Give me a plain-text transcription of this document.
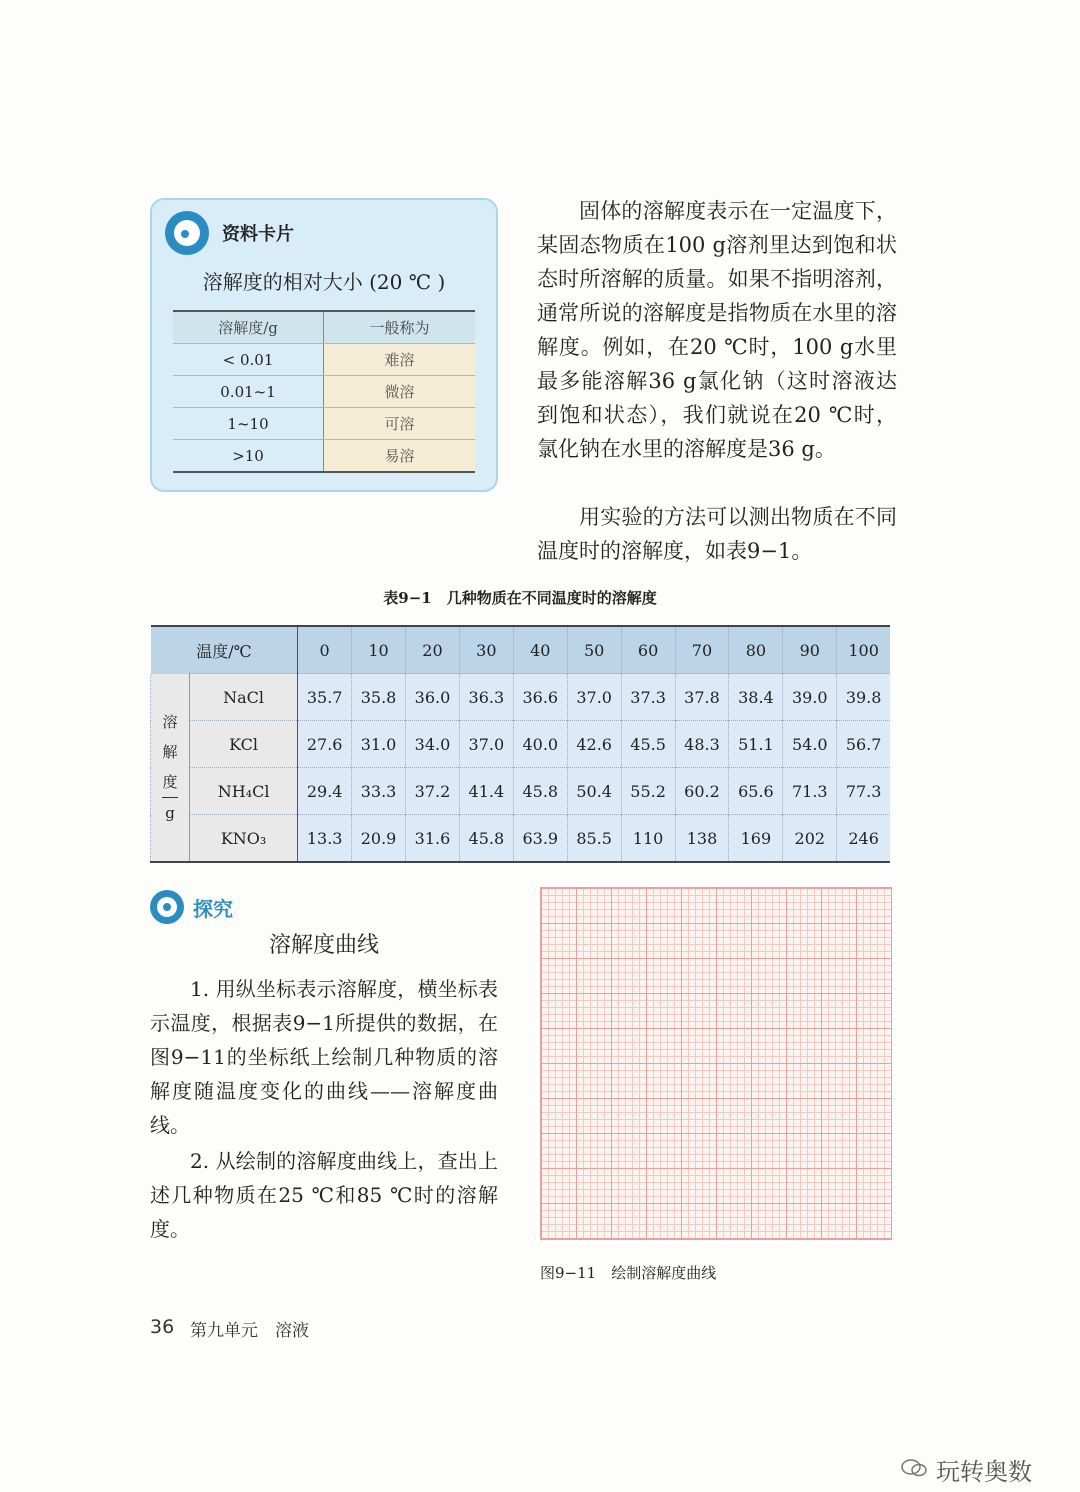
资料卡片
溶解度的相对大小 (20 ℃ )
溶解度/g	一般称为
< 0.01	难溶
0.01~1	微溶
1~10	可溶
>10	易溶

固体的溶解度表示在一定温度下，某固态物质在100 g溶剂里达到饱和状态时所溶解的质量。如果不指明溶剂，通常所说的溶解度是指物质在水里的溶解度。例如，在20 ℃时，100 g水里最多能溶解36 g氯化钠（这时溶液达到饱和状态），我们就说在20 ℃时，氯化钠在水里的溶解度是36 g。

用实验的方法可以测出物质在不同温度时的溶解度，如表9−1。

表9−1　几种物质在不同温度时的溶解度
温度/℃		0	10	20	30	40	50	60	70	80	90	100
溶
解
度
g	NaCl	35.7	35.8	36.0	36.3	36.6	37.0	37.3	37.8	38.4	39.0	39.8
	KCl	27.6	31.0	34.0	37.0	40.0	42.6	45.5	48.3	51.1	54.0	56.7
	NH₄Cl	29.4	33.3	37.2	41.4	45.8	50.4	55.2	60.2	65.6	71.3	77.3
	KNO₃	13.3	20.9	31.6	45.8	63.9	85.5	110	138	169	202	246
探究
溶解度曲线

1. 用纵坐标表示溶解度，横坐标表示温度，根据表9−1所提供的数据，在图9−11的坐标纸上绘制几种物质的溶解度随温度变化的曲线——溶解度曲线。

2. 从绘制的溶解度曲线上，查出上述几种物质在25 ℃和85 ℃时的溶解度。

图9−11　绘制溶解度曲线
36 第九单元　溶液
玩转奥数
